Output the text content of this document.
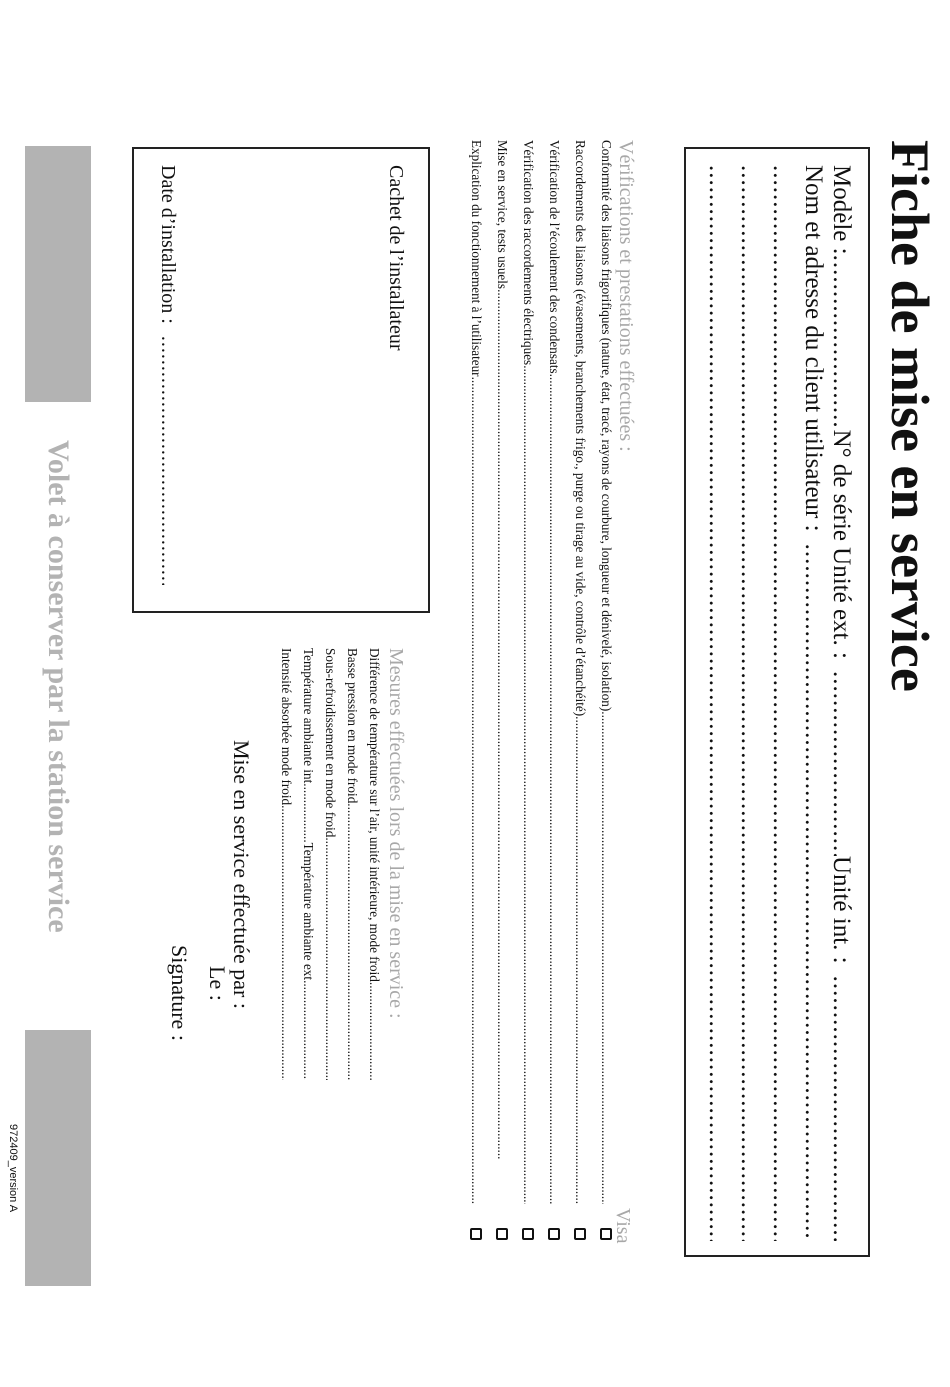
Fiche de mise en service
Modèle :
.....
N° de série Unité ext. :
.....
Unité int. :
.....
Nom et adresse du client utilisateur :
.....
.....
.....
.....
Vérifications et prestations effectuées :
Visa
Conformité des liaisons frigorifiques (nature, état, tracé, rayons de courbure, longueur et dénivelé, isolation)
.....
Raccordements des liaisons (évasements, branchements frigo., purge ou tirage au vide, contrôle d’étanchéité)
.....
Vérification de l’écoulement des condensats
.....
Vérification des raccordements électriques
.....
Mise en service, tests usuels
.....
Explication du fonctionnement à l’utilisateur
.....
Cachet de l’installateur
Date d’installation :
.....
Mesures effectuées lors de la mise en service :
Différence de température sur l’air, unité intérieure, mode froid
.....
Basse pression en mode froid
.....
Sous-refroidissement en mode froid
.....
Température ambiante int.
.....
Température ambiante ext.
.....
Intensité absorbée mode froid
.....
Mise en service effectuée par :
Le :
Signature :
Volet à conserver par la station service
972409_version A
